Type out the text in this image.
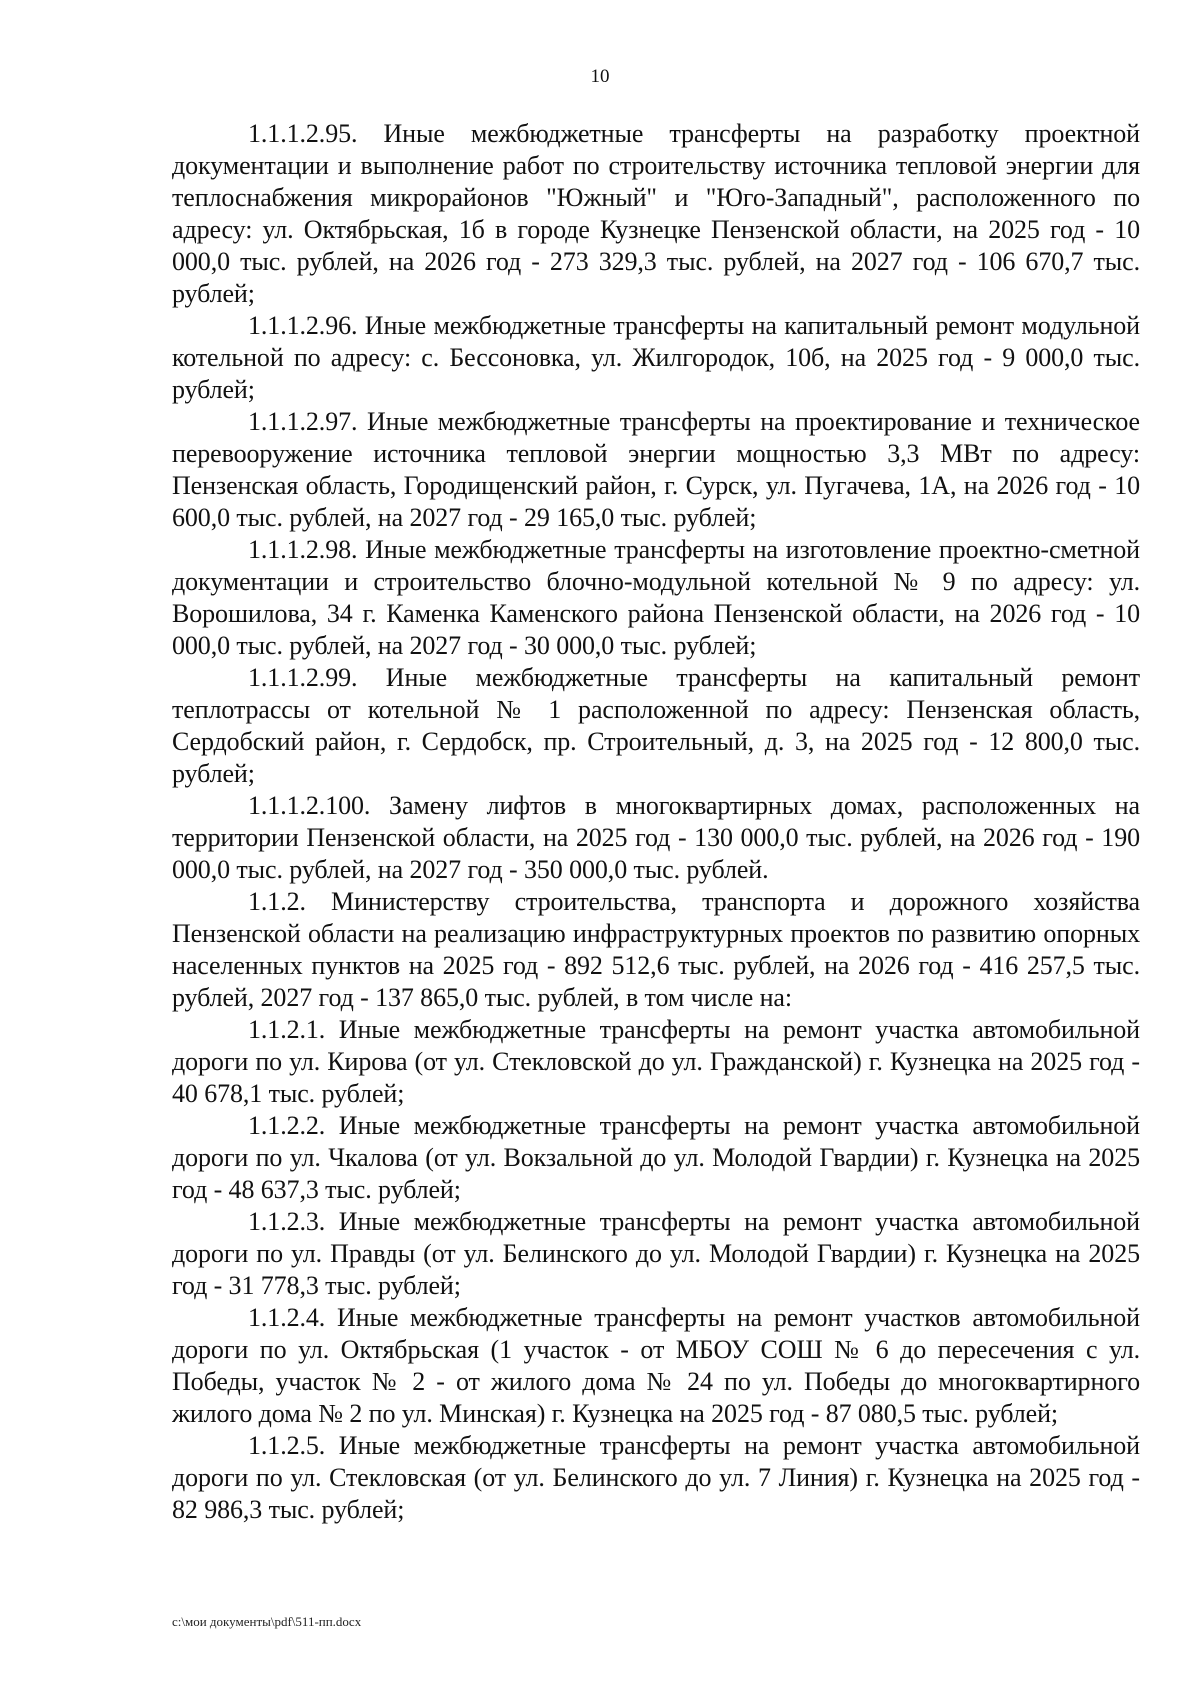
10

1.1.1.2.95. Иные межбюджетные трансферты на разработку проектной документации и выполнение работ по строительству источника тепловой энергии для теплоснабжения микрорайонов "Южный" и "Юго-Западный", расположенного по адресу: ул. Октябрьская, 1б в городе Кузнецке Пензенской области, на 2025 год - 10 000,0 тыс. рублей, на 2026 год - 273 329,3 тыс. рублей, на 2027 год - 106 670,7 тыс. рублей;

1.1.1.2.96. Иные межбюджетные трансферты на капитальный ремонт модульной котельной по адресу: с. Бессоновка, ул. Жилгородок, 10б, на 2025 год - 9 000,0 тыс. рублей;

1.1.1.2.97. Иные межбюджетные трансферты на проектирование и техническое перевооружение источника тепловой энергии мощностью 3,3 МВт по адресу: Пензенская область, Городищенский район, г. Сурск, ул. Пугачева, 1А, на 2026 год - 10 600,0 тыс. рублей, на 2027 год - 29 165,0 тыс. рублей;

1.1.1.2.98. Иные межбюджетные трансферты на изготовление проектно-сметной документации и строительство блочно-модульной котельной № 9 по адресу: ул. Ворошилова, 34 г. Каменка Каменского района Пензенской области, на 2026 год - 10 000,0 тыс. рублей, на 2027 год - 30 000,0 тыс. рублей;

1.1.1.2.99. Иные межбюджетные трансферты на капитальный ремонт теплотрассы от котельной № 1 расположенной по адресу: Пензенская область, Сердобский район, г. Сердобск, пр. Строительный, д. 3, на 2025 год - 12 800,0 тыс. рублей;

1.1.1.2.100. Замену лифтов в многоквартирных домах, расположенных на территории Пензенской области, на 2025 год - 130 000,0 тыс. рублей, на 2026 год - 190 000,0 тыс. рублей, на 2027 год - 350 000,0 тыс. рублей.

1.1.2. Министерству строительства, транспорта и дорожного хозяйства Пензенской области на реализацию инфраструктурных проектов по развитию опорных населенных пунктов на 2025 год - 892 512,6 тыс. рублей, на 2026 год - 416 257,5 тыс. рублей, 2027 год - 137 865,0 тыс. рублей, в том числе на:

1.1.2.1. Иные межбюджетные трансферты на ремонт участка автомобильной дороги по ул. Кирова (от ул. Стекловской до ул. Гражданской) г. Кузнецка на 2025 год - 40 678,1 тыс. рублей;

1.1.2.2. Иные межбюджетные трансферты на ремонт участка автомобильной дороги по ул. Чкалова (от ул. Вокзальной до ул. Молодой Гвардии) г. Кузнецка на 2025 год - 48 637,3 тыс. рублей;

1.1.2.3. Иные межбюджетные трансферты на ремонт участка автомобильной дороги по ул. Правды (от ул. Белинского до ул. Молодой Гвардии) г. Кузнецка на 2025 год - 31 778,3 тыс. рублей;

1.1.2.4. Иные межбюджетные трансферты на ремонт участков автомобильной дороги по ул. Октябрьская (1 участок - от МБОУ СОШ № 6 до пересечения с ул. Победы, участок № 2 - от жилого дома № 24 по ул. Победы до многоквартирного жилого дома № 2 по ул. Минская) г. Кузнецка на 2025 год - 87 080,5 тыс. рублей;

1.1.2.5. Иные межбюджетные трансферты на ремонт участка автомобильной дороги по ул. Стекловская (от ул. Белинского до ул. 7 Линия) г. Кузнецка на 2025 год - 82 986,3 тыс. рублей;

c:\мои документы\pdf\511-пп.docx
